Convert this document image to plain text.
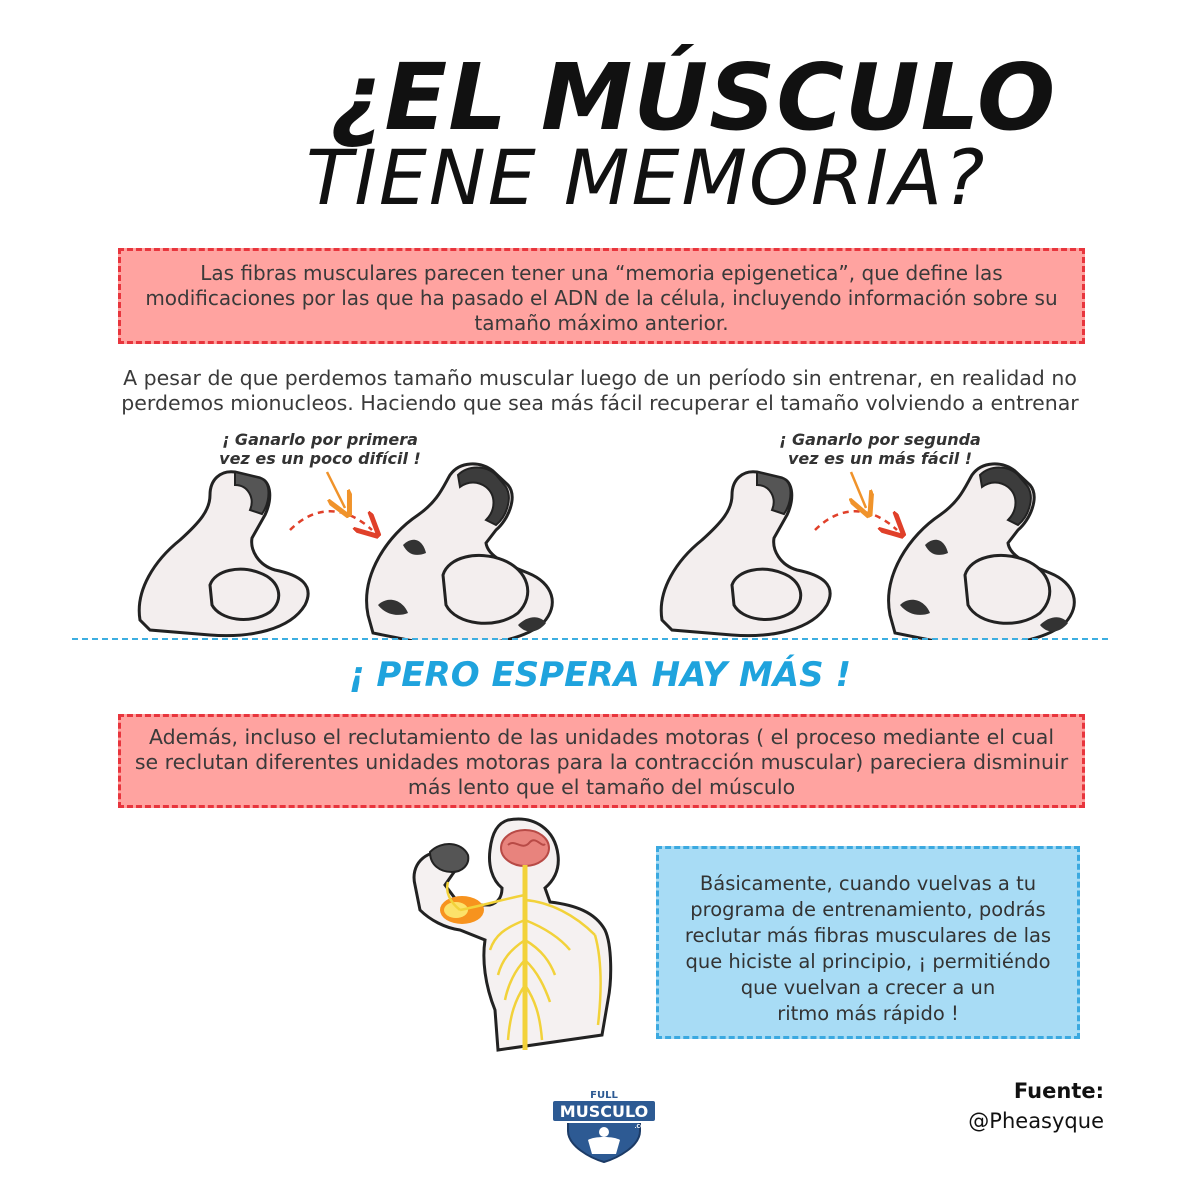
¿EL MÚSCULO
TIENE MEMORIA?
Las fibras musculares parecen tener una “memoria epigenetica”, que define las
modificaciones por las que ha pasado el ADN de la célula, incluyendo información sobre su
tamaño máximo anterior.
A pesar de que perdemos tamaño muscular luego de un período sin entrenar, en realidad no
perdemos mionucleos. Haciendo que sea más fácil recuperar el tamaño volviendo a entrenar
¡ Ganarlo por primera
vez es un poco difícil !
¡ Ganarlo por segunda
vez es un más fácil !
¡ PERO ESPERA HAY MÁS !
Además, incluso el reclutamiento de las unidades motoras ( el proceso mediante el cual
se reclutan diferentes unidades motoras para la contracción muscular) pareciera disminuir
más lento que el tamaño del músculo
Básicamente, cuando vuelvas a tu
programa de entrenamiento, podrás
reclutar más fibras musculares de las
que hiciste al principio, ¡ permitiéndo
que vuelvan a crecer a un
ritmo más rápido !
FULL
MUSCULO
.COM
Fuente:
@Pheasyque
